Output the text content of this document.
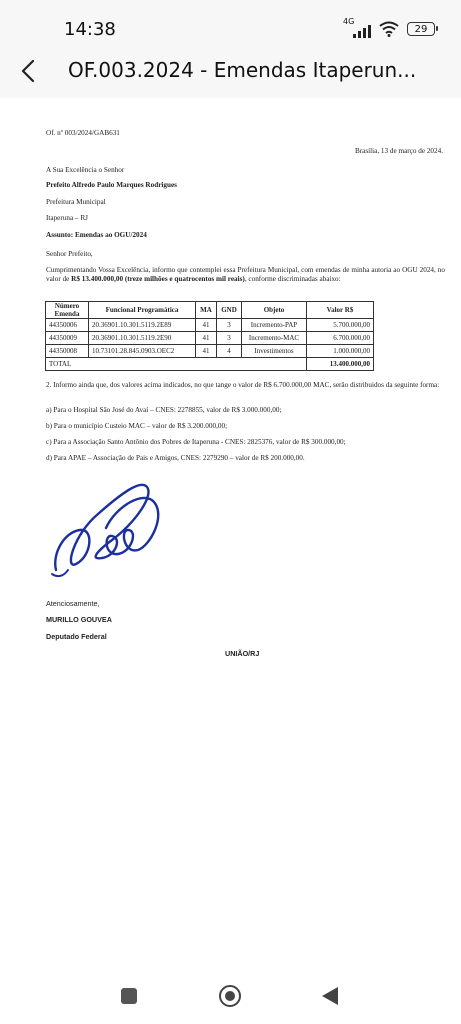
14:38	4G
29
OF.003.2024 - Emendas Itaperun...
Of. nº 003/2024/GAB631
Brasília, 13 de março de 2024.
A Sua Excelência o Senhor
Prefeito Alfredo Paulo Marques Rodrigues
Prefeitura Municipal
Itaperuna – RJ
Assunto: Emendas ao OGU/2024
Senhor Prefeito,
Cumprimentando Vossa Excelência, informo que contemplei essa Prefeitura Municipal, com emendas de minha autoria ao OGU 2024, no valor de R$ 13.400.000,00 (treze milhões e quatrocentos mil reais), conforme discriminadas abaixo:
Número Emenda	Funcional Programática	MA	GND	Objeto	Valor R$
44350006	20.36901.10.301.5119.2E89	41	3	Incremento-PAP	5.700.000,00
44350009	20.36901.10.301.5119.2E90	41	3	Incremento-MAC	6.700.000,00
44350008	10.73101.28.845.0903.OEC2	41	4	Investimentos	1.000.000,00
TOTAL					13.400.000,00
2. Informo ainda que, dos valores acima indicados, no que tange o valor de R$ 6.700.000,00 MAC, serão distribuidos da seguinte forma:
a) Para o Hospital São José do Avaí – CNES: 2278855, valor de R$ 3.000.000,00;
b) Para o município Custeio MAC – valor de R$ 3.200.000,00;
c) Para a Associação Santo Antônio dos Pobres de Itaperuna - CNES: 2825376, valor de R$ 300.000,00;
d) Para APAE – Associação de Pais e Amigos, CNES: 2279290 – valor de R$ 200.000,00.
Atenciosamente,
MURILLO GOUVEA
Deputado Federal
UNIÃO/RJ
